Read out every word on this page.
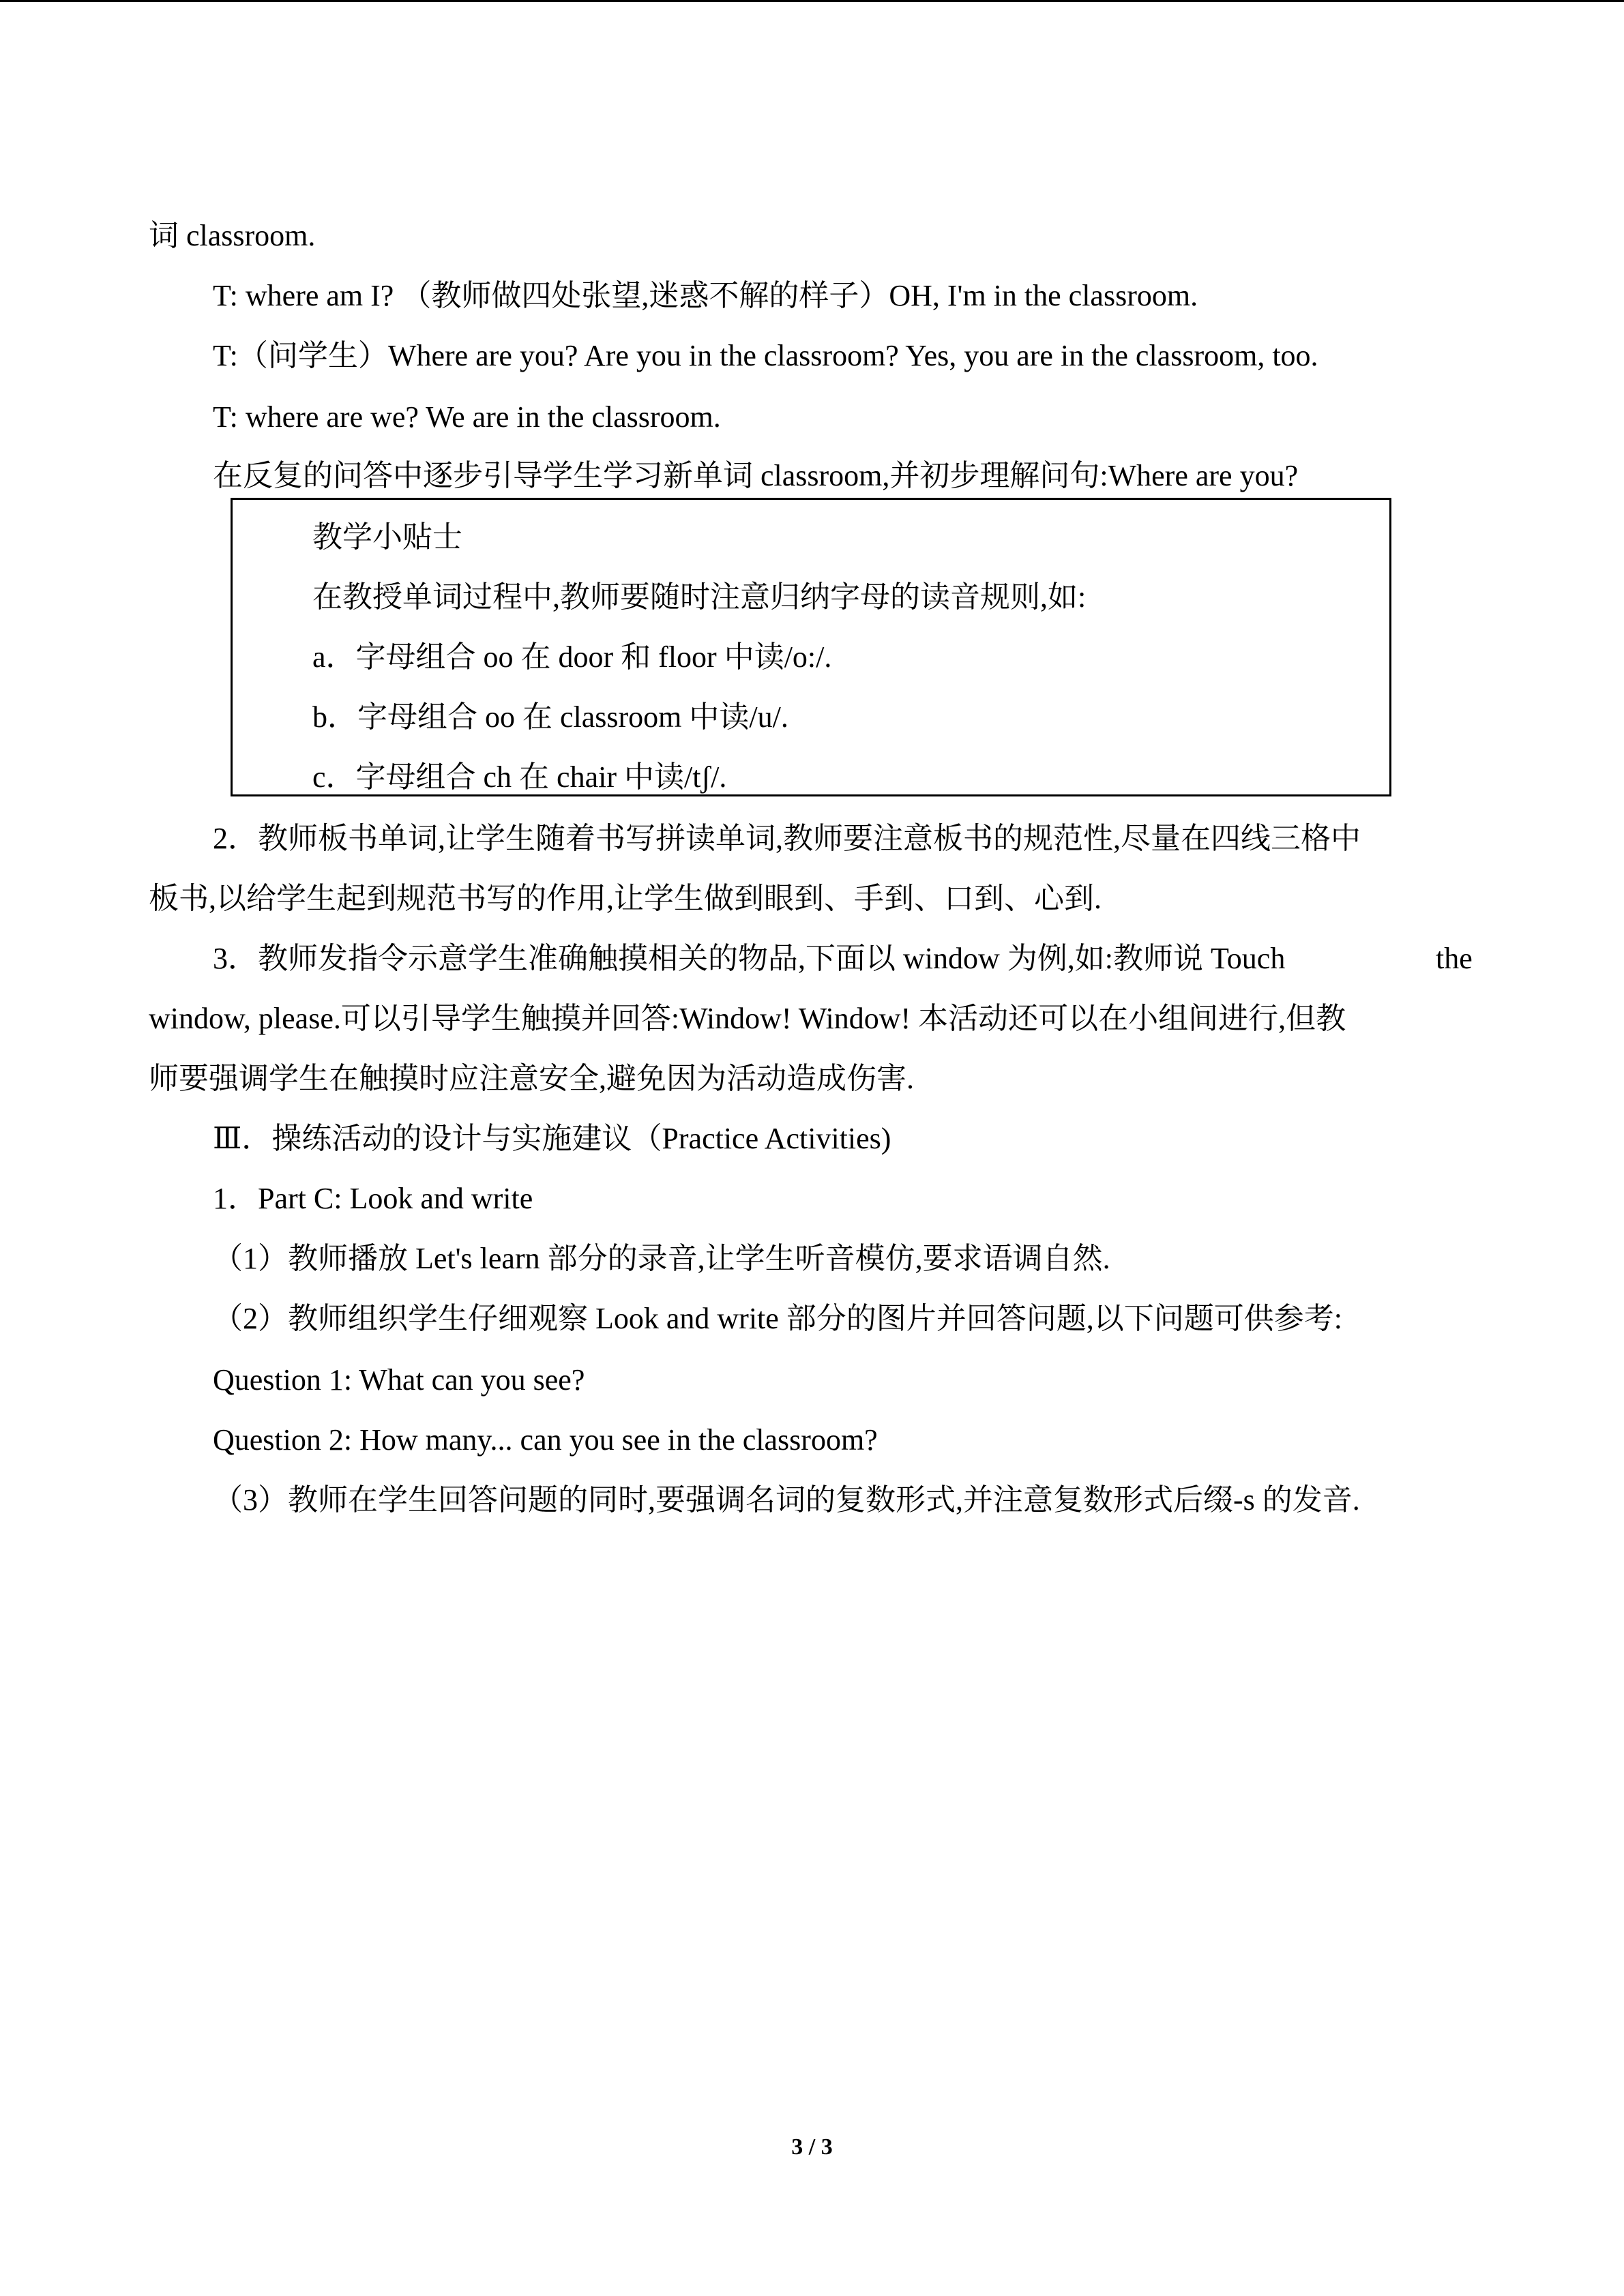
词 classroom.
T: where am I? （教师做四处张望,迷惑不解的样子）OH, I'm in the classroom.
T:（问学生）Where are you? Are you in the classroom? Yes, you are in the classroom, too.
T: where are we? We are in the classroom.
在反复的问答中逐步引导学生学习新单词 classroom,并初步理解问句:Where are you?
教学小贴士
在教授单词过程中,教师要随时注意归纳字母的读音规则,如:
a．字母组合 oo 在 door 和 floor 中读/o:/.
b．字母组合 oo 在 classroom 中读/u/.
c．字母组合 ch 在 chair 中读/tʃ/.
2．教师板书单词,让学生随着书写拼读单词,教师要注意板书的规范性,尽量在四线三格中
板书,以给学生起到规范书写的作用,让学生做到眼到、手到、口到、心到.
3．教师发指令示意学生准确触摸相关的物品,下面以 window 为例,如:教师说 Touch	the
window, please.可以引导学生触摸并回答:Window! Window! 本活动还可以在小组间进行,但教
师要强调学生在触摸时应注意安全,避免因为活动造成伤害.
Ⅲ．操练活动的设计与实施建议（Practice Activities)
1．Part C: Look and write
（1）教师播放 Let's learn 部分的录音,让学生听音模仿,要求语调自然.
（2）教师组织学生仔细观察 Look and write 部分的图片并回答问题,以下问题可供参考:
Question 1: What can you see?
Question 2: How many... can you see in the classroom?
（3）教师在学生回答问题的同时,要强调名词的复数形式,并注意复数形式后缀-s 的发音.
3 / 3
